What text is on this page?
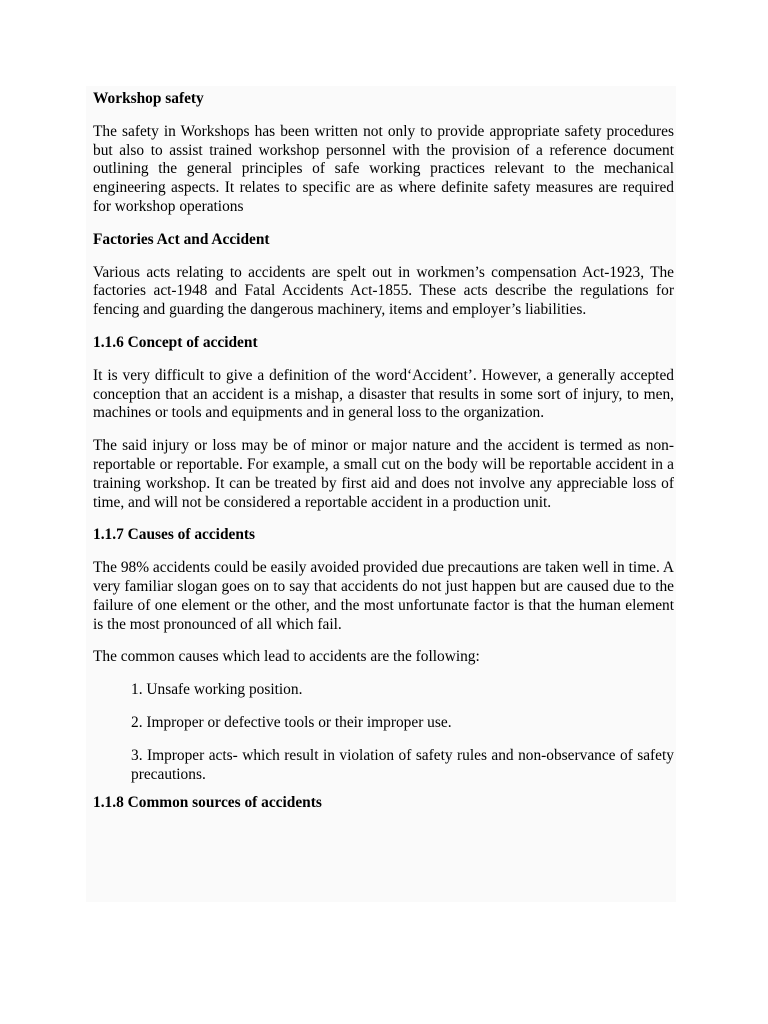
Workshop safety
The safety in Workshops has been written not only to provide appropriate safety procedures but also to assist trained workshop personnel with the provision of a reference document outlining the general principles of safe working practices relevant to the mechanical engineering aspects. It relates to specific are as where definite safety measures are required for workshop operations
Factories Act and Accident
Various acts relating to accidents are spelt out in workmen’s compensation Act-1923, The factories act-1948 and Fatal Accidents Act-1855. These acts describe the regulations for fencing and guarding the dangerous machinery, items and employer’s liabilities.
1.1.6 Concept of accident
It is very difficult to give a definition of the word‘Accident’. However, a generally accepted conception that an accident is a mishap, a disaster that results in some sort of injury, to men, machines or tools and equipments and in general loss to the organization.
The said injury or loss may be of minor or major nature and the accident is termed as non-reportable or reportable. For example, a small cut on the body will be reportable accident in a training workshop. It can be treated by first aid and does not involve any appreciable loss of time, and will not be considered a reportable accident in a production unit.
1.1.7 Causes of accidents
The 98% accidents could be easily avoided provided due precautions are taken well in time. A very familiar slogan goes on to say that accidents do not just happen but are caused due to the failure of one element or the other, and the most unfortunate factor is that the human element is the most pronounced of all which fail.
The common causes which lead to accidents are the following:
1. Unsafe working position.
2. Improper or defective tools or their improper use.
3. Improper acts- which result in violation of safety rules and non-observance of safety precautions.
1.1.8 Common sources of accidents
